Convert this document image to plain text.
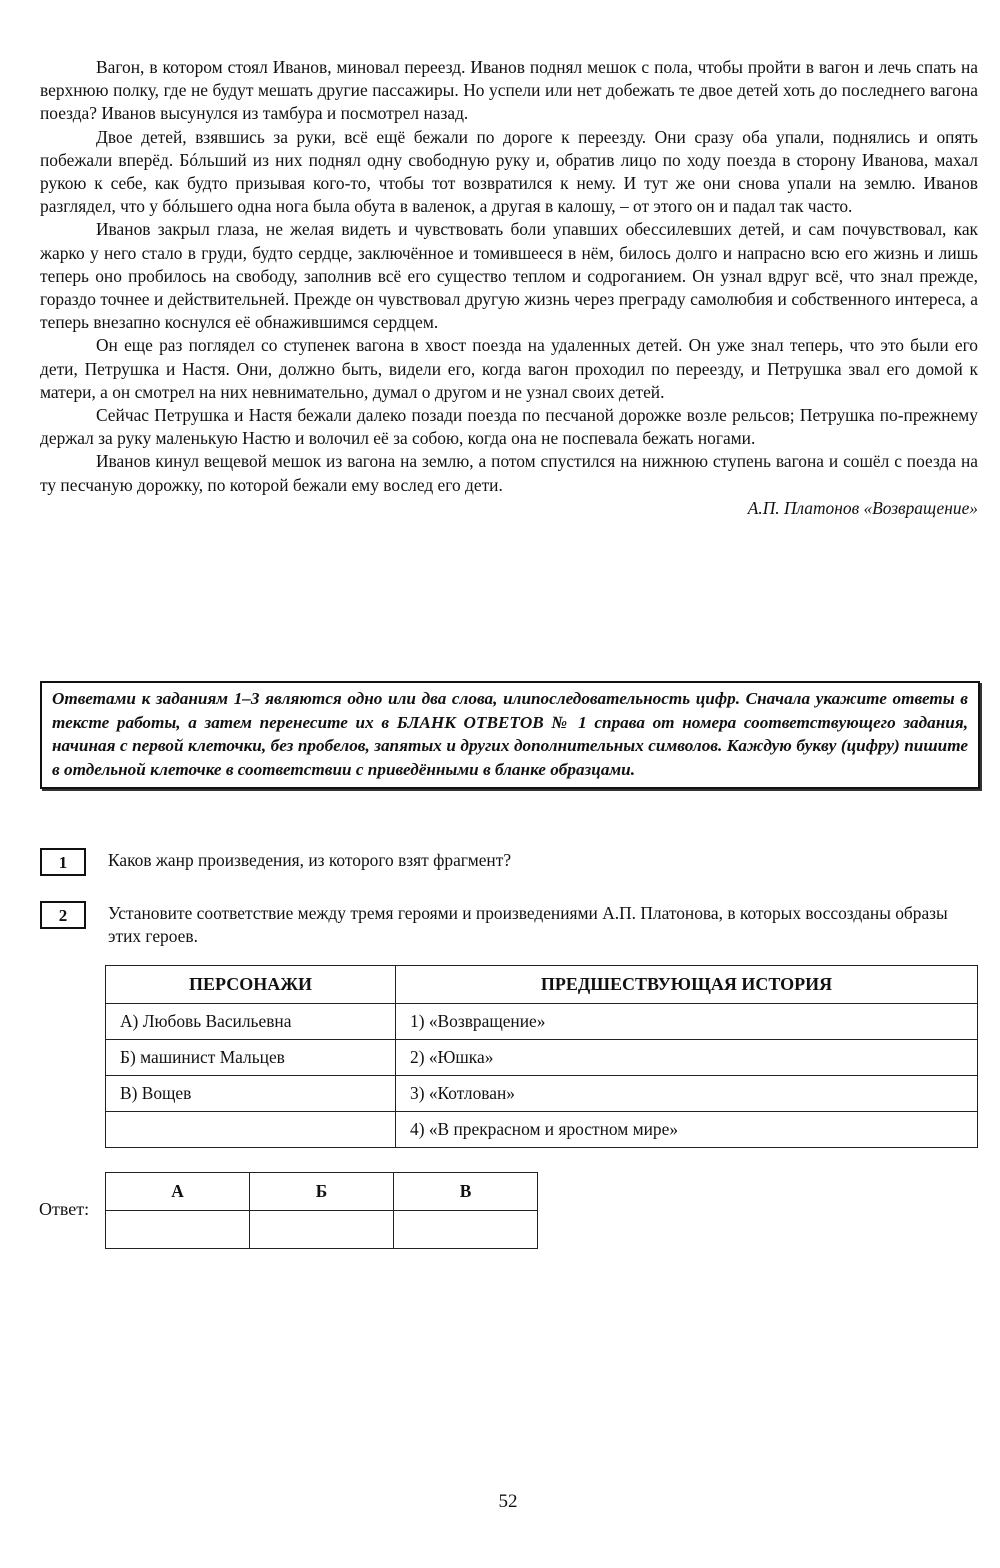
Вагон, в котором стоял Иванов, миновал переезд. Иванов поднял мешок с пола, чтобы пройти в вагон и лечь спать на верхнюю полку, где не будут мешать другие пассажиры. Но успели или нет добежать те двое детей хоть до последнего вагона поезда? Иванов высунулся из тамбура и посмотрел назад.

Двое детей, взявшись за руки, всё ещё бежали по дороге к переезду. Они сразу оба упали, поднялись и опять побежали вперёд. Бóльший из них поднял одну свободную руку и, обратив лицо по ходу поезда в сторону Иванова, махал рукою к себе, как будто призывая кого-то, чтобы тот возвратился к нему. И тут же они снова упали на землю. Иванов разглядел, что у бóльшего одна нога была обута в валенок, а другая в калошу, – от этого он и падал так часто.

Иванов закрыл глаза, не желая видеть и чувствовать боли упавших обессилевших детей, и сам почувствовал, как жарко у него стало в груди, будто сердце, заключённое и томившееся в нём, билось долго и напрасно всю его жизнь и лишь теперь оно пробилось на свободу, заполнив всё его существо теплом и содроганием. Он узнал вдруг всё, что знал прежде, гораздо точнее и действительней. Прежде он чувствовал другую жизнь через преграду самолюбия и собственного интереса, а теперь внезапно коснулся её обнажившимся сердцем.

Он еще раз поглядел со ступенек вагона в хвост поезда на удаленных детей. Он уже знал теперь, что это были его дети, Петрушка и Настя. Они, должно быть, видели его, когда вагон проходил по переезду, и Петрушка звал его домой к матери, а он смотрел на них невнимательно, думал о другом и не узнал своих детей.

Сейчас Петрушка и Настя бежали далеко позади поезда по песчаной дорожке возле рельсов; Петрушка по-прежнему держал за руку маленькую Настю и волочил её за собою, когда она не поспевала бежать ногами.

Иванов кинул вещевой мешок из вагона на землю, а потом спустился на нижнюю ступень вагона и сошёл с поезда на ту песчаную дорожку, по которой бежали ему вослед его дети.

А.П. Платонов «Возвращение»

Ответами к заданиям 1–3 являются одно или два слова, илипоследовательность цифр. Сначала укажите ответы в тексте работы, а затем перенесите их в БЛАНК ОТВЕТОВ № 1 справа от номера соответствующего задания, начиная с первой клеточки, без пробелов, запятых и других дополнительных символов. Каждую букву (цифру) пишите в отдельной клеточке в соответствии с приведёнными в бланке образцами.
1	Каков жанр произведения, из которого взят фрагмент?
2	Установите соответствие между тремя героями и произведениями А.П. Платонова, в которых воссозданы образы этих героев.
ПЕРСОНАЖИ	ПРЕДШЕСТВУЮЩАЯ ИСТОРИЯ
А) Любовь Васильевна	1) «Возвращение»
Б) машинист Мальцев	2) «Юшка»
В) Вощев	3) «Котлован»
	4) «В прекрасном и яростном мире»
Ответ:
А	Б	В

52
